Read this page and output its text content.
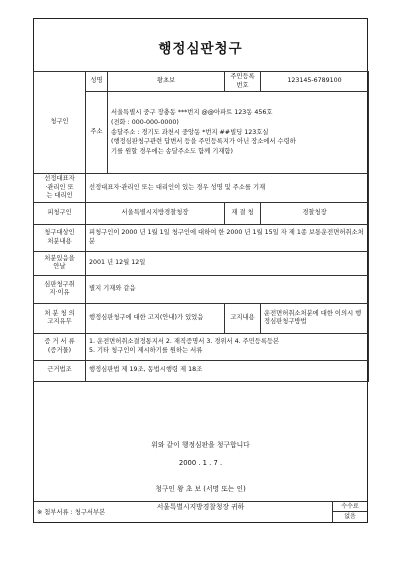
행정심판청구
청구인	성명	왕초보	주민등록번호	123145-6789100
	주소	서울특별시 중구 장충동 ***번지 @@아파트 123동 456호
(전화 : 000-000-0000)
송달주소 : 경기도 과천시 중앙동 *번지 ##빌딩 123호실
(행정심판청구관련 답변서 등을 주민등록지가 아닌 장소에서 수령하
기를 원할 경우에는 송달주소도 함께 기재함)		

선정대표자
·관리인 또
는 대리인	선정대표자·관리인 또는 대리인이 있는 경우 성명 및 주소를 기재			
피청구인	서울특별시지방경찰청장		재 결 청	경찰청장

청구대상인
처분내용	피청구인이 2000 년 1월 1일 청구인에 대하여 한 2000 년 1월 15일 자 제 1종 보통운전면허취소처분			

처분있음을
안날	2001 년 12월 12일			

심판청구취
지·이유	별지 기재와 같음			

처 분 청 의
고지유무	행정심판청구에 대한 고지(안내)가 있었음		고지내용	운전면허취소처분에 대한 이의시 행정심판청구방법

증 거 서 류
(증거물)	1. 운전면허취소결정통지서 2. 재직증명서 3. 경위서 4. 주민등록등본
5. 기타 청구인이 제시하기를 원하는 서류			

근거법조	행정심판법 제 19조, 동법시행령 제 18조			
위와 같이 행정심판을 청구합니다
2000 . 1 . 7 .
청구인 왕 초 보 (서명 또는 인)
서울특별시지방경찰청장 귀하
※ 첨부서류 : 청구서부본
수수료
없음
